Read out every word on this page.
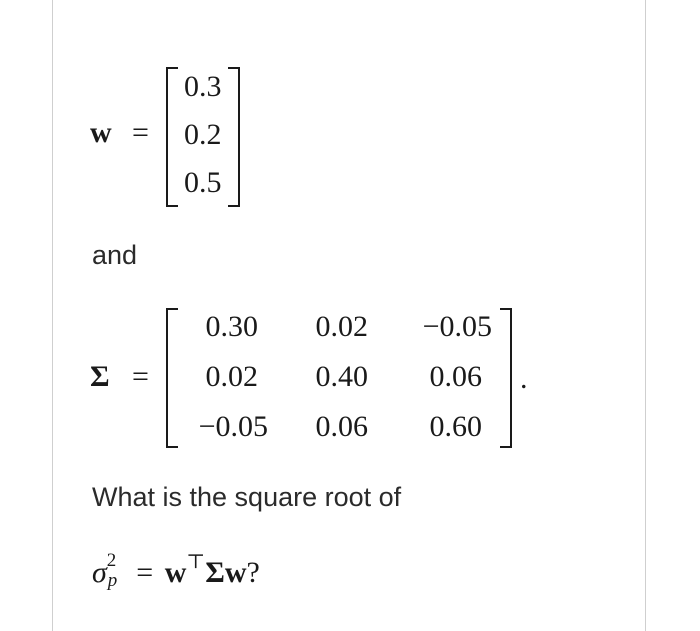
w =
0.3
0.2
0.5
and
Σ =
0.30	0.02	−0.05
0.02	0.40	0.06
−0.05	0.06	0.60
.
What is the square root of
σ 2
p = w⊤Σw?
